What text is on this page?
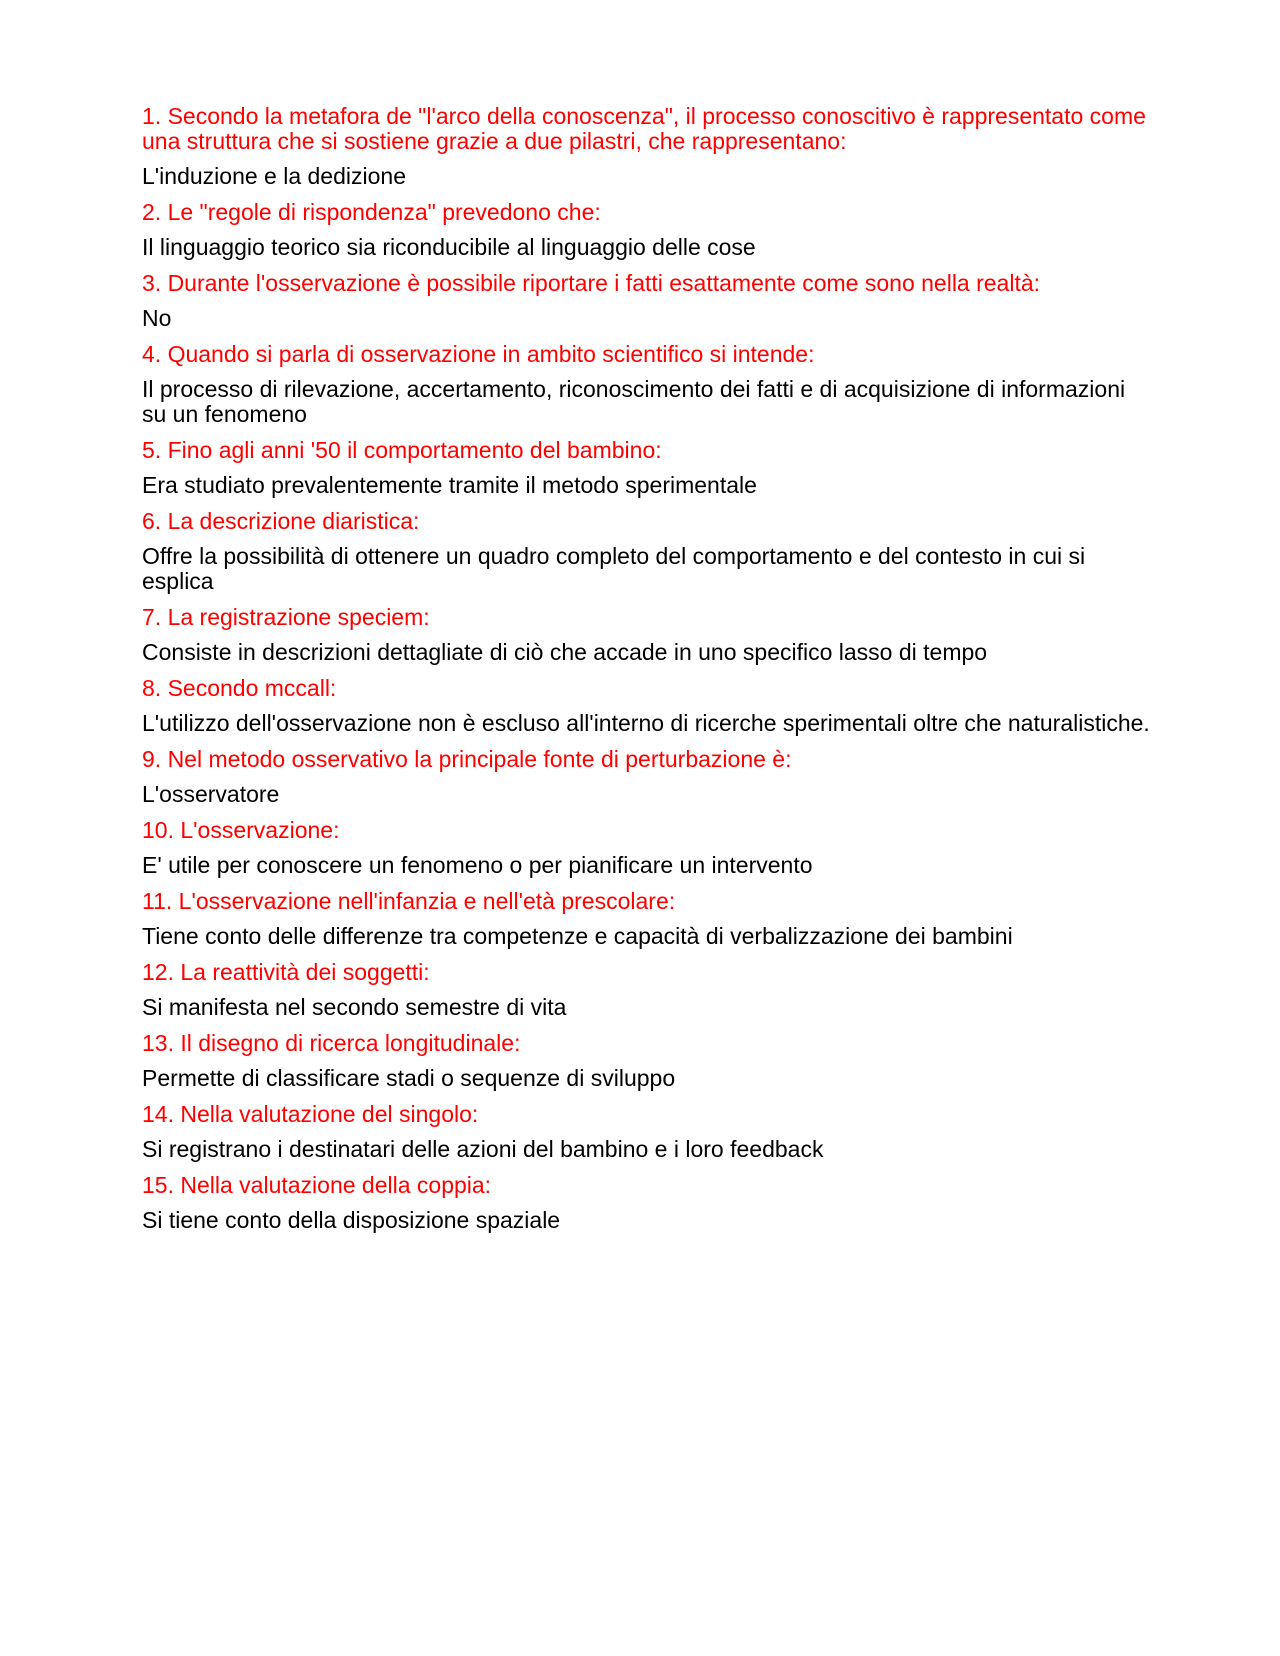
1. Secondo la metafora de "l'arco della conoscenza", il processo conoscitivo è rappresentato come una struttura che si sostiene grazie a due pilastri, che rappresentano:

L'induzione e la dedizione

2. Le "regole di rispondenza" prevedono che:

Il linguaggio teorico sia riconducibile al linguaggio delle cose

3. Durante l'osservazione è possibile riportare i fatti esattamente come sono nella realtà:

No

4. Quando si parla di osservazione in ambito scientifico si intende:

Il processo di rilevazione, accertamento, riconoscimento dei fatti e di acquisizione di informazioni su un fenomeno

5. Fino agli anni '50 il comportamento del bambino:

Era studiato prevalentemente tramite il metodo sperimentale

6. La descrizione diaristica:

Offre la possibilità di ottenere un quadro completo del comportamento e del contesto in cui si esplica

7. La registrazione speciem:

Consiste in descrizioni dettagliate di ciò che accade in uno specifico lasso di tempo

8. Secondo mccall:

L'utilizzo dell'osservazione non è escluso all'interno di ricerche sperimentali oltre che naturalistiche.

9. Nel metodo osservativo la principale fonte di perturbazione è:

L'osservatore

10. L'osservazione:

E' utile per conoscere un fenomeno o per pianificare un intervento

11. L'osservazione nell'infanzia e nell'età prescolare:

Tiene conto delle differenze tra competenze e capacità di verbalizzazione dei bambini

12. La reattività dei soggetti:

Si manifesta nel secondo semestre di vita

13. Il disegno di ricerca longitudinale:

Permette di classificare stadi o sequenze di sviluppo

14. Nella valutazione del singolo:

Si registrano i destinatari delle azioni del bambino e i loro feedback

15. Nella valutazione della coppia:

Si tiene conto della disposizione spaziale
